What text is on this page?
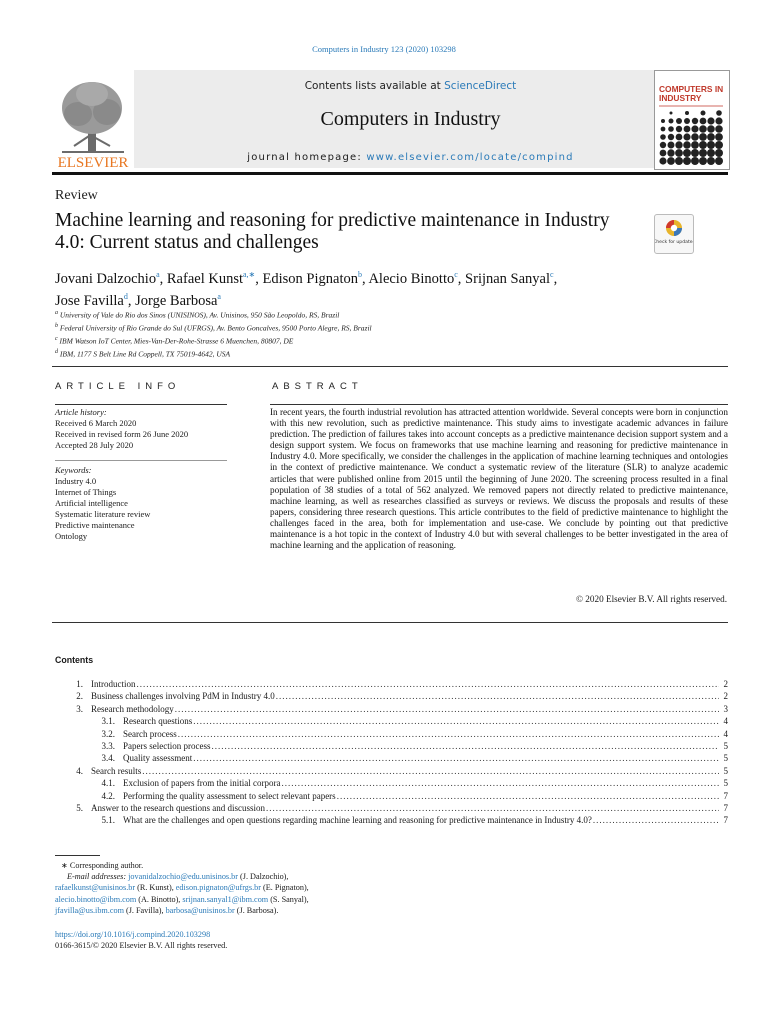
Computers in Industry 123 (2020) 103298
ELSEVIER
Contents lists available at ScienceDirect
Computers in Industry
journal homepage: www.elsevier.com/locate/compind
COMPUTERS IN INDUSTRY
Review
Machine learning and reasoning for predictive maintenance in Industry 4.0: Current status and challenges	Check for updates
Jovani Dalzochio$^a$, Rafael Kunst$^{a,∗}$, Edison Pignaton$^b$, Alecio Binotto$^c$, Srijnan Sanyal$^c$,
Jose Favilla$^d$, Jorge Barbosa$^a$
$^a$ University of Vale do Rio dos Sinos (UNISINOS), Av. Unisinos, 950 São Leopoldo, RS, Brazil
$^b$ Federal University of Rio Grande do Sul (UFRGS), Av. Bento Goncalves, 9500 Porto Alegre, RS, Brazil
$^c$ IBM Watson IoT Center, Mies-Van-Der-Rohe-Strasse 6 Muenchen, 80807, DE
$^d$ IBM, 1177 S Belt Line Rd Coppell, TX 75019-4642, USA
ARTICLE INFO	ABSTRACT
Article history:
Received 6 March 2020
Received in revised form 26 June 2020
Accepted 28 July 2020
Keywords:
Industry 4.0
Internet of Things
Artificial intelligence
Systematic literature review
Predictive maintenance
Ontology
In recent years, the fourth industrial revolution has attracted attention worldwide. Several concepts were born in conjunction with this new revolution, such as predictive maintenance. This study aims to investigate academic advances in failure prediction. The prediction of failures takes into account concepts as a predictive maintenance decision support system and a design support system. We focus on frameworks that use machine learning and reasoning for predictive maintenance in Industry 4.0. More specifically, we consider the challenges in the application of machine learning techniques and ontologies in the context of predictive maintenance. We conduct a systematic review of the literature (SLR) to analyze academic articles that were published online from 2015 until the beginning of June 2020. The screening process resulted in a final population of 38 studies of a total of 562 analyzed. We removed papers not directly related to predictive maintenance, machine learning, as well as researches classified as surveys or reviews. We discuss the proposals and results of these papers, considering three research questions. This article contributes to the field of predictive maintenance to highlight the challenges faced in the area, both for implementation and use-case. We conclude by pointing out that predictive maintenance is a hot topic in the context of Industry 4.0 but with several challenges to be better investigated in the area of machine learning and the application of reasoning.
© 2020 Elsevier B.V. All rights reserved.
Contents
1. Introduction .....	2
2. Business challenges involving PdM in Industry 4.0 .....	2
3. Research methodology .....	3
3.1. Research questions .....	4
3.2. Search process .....	4
3.3. Papers selection process .....	5
3.4. Quality assessment .....	5
4. Search results .....	5
4.1. Exclusion of papers from the initial corpora .....	5
4.2. Performing the quality assessment to select relevant papers .....	7
5. Answer to the research questions and discussion .....	7
5.1. What are the challenges and open questions regarding machine learning and reasoning for predictive maintenance in Industry 4.0? .....	7
∗ Corresponding author.
E-mail addresses: jovanidalzochio@edu.unisinos.br (J. Dalzochio),
rafaelkunst@unisinos.br (R. Kunst), edison.pignaton@ufrgs.br (E. Pignaton),
alecio.binotto@ibm.com (A. Binotto), srijnan.sanyal1@ibm.com (S. Sanyal),
jfavilla@us.ibm.com (J. Favilla), barbosa@unisinos.br (J. Barbosa).
https://doi.org/10.1016/j.compind.2020.103298
0166-3615/© 2020 Elsevier B.V. All rights reserved.
